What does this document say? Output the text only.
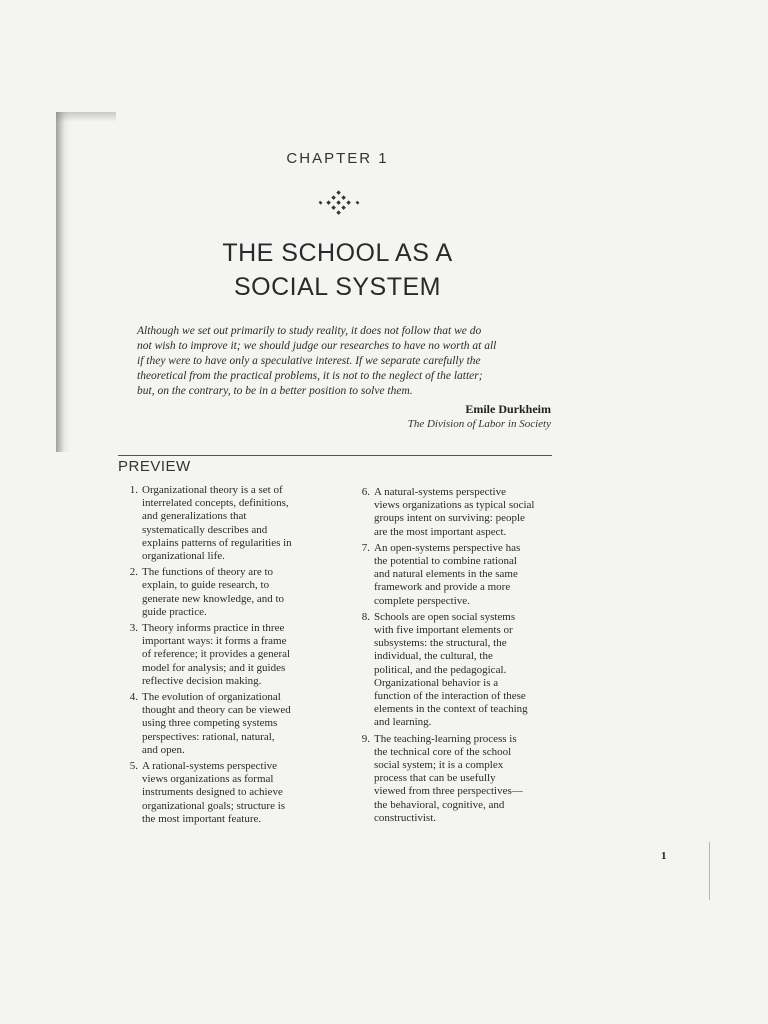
CHAPTER 1
THE SCHOOL AS A
SOCIAL SYSTEM
Although we set out primarily to study reality, it does not follow that we do
not wish to improve it; we should judge our researches to have no worth at all
if they were to have only a speculative interest. If we separate carefully the
theoretical from the practical problems, it is not to the neglect of the latter;
but, on the contrary, to be in a better position to solve them.
Emile Durkheim
The Division of Labor in Society
PREVIEW
1. Organizational theory is a set of
interrelated concepts, definitions,
and generalizations that
systematically describes and
explains patterns of regularities in
organizational life.
2. The functions of theory are to
explain, to guide research, to
generate new knowledge, and to
guide practice.
3. Theory informs practice in three
important ways: it forms a frame
of reference; it provides a general
model for analysis; and it guides
reflective decision making.
4. The evolution of organizational
thought and theory can be viewed
using three competing systems
perspectives: rational, natural,
and open.
5. A rational-systems perspective
views organizations as formal
instruments designed to achieve
organizational goals; structure is
the most important feature.
6. A natural-systems perspective
views organizations as typical social
groups intent on surviving: people
are the most important aspect.
7. An open-systems perspective has
the potential to combine rational
and natural elements in the same
framework and provide a more
complete perspective.
8. Schools are open social systems
with five important elements or
subsystems: the structural, the
individual, the cultural, the
political, and the pedagogical.
Organizational behavior is a
function of the interaction of these
elements in the context of teaching
and learning.
9. The teaching-learning process is
the technical core of the school
social system; it is a complex
process that can be usefully
viewed from three perspectives—
the behavioral, cognitive, and
constructivist.
1
